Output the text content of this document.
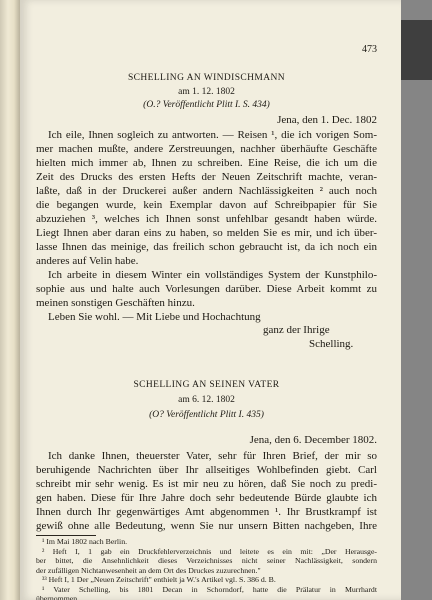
473
SCHELLING AN WINDISCHMANN
am 1. 12. 1802
(O.? Veröffentlicht Plitt I. S. 434)
Jena, den 1. Dec. 1802
Ich eile, Ihnen sogleich zu antworten. — Reisen ¹, die ich vorigen Som-
mer machen mußte, andere Zerstreuungen, nachher überhäufte Geschäfte
hielten mich immer ab, Ihnen zu schreiben. Eine Reise, die ich um die
Zeit des Drucks des ersten Hefts der Neuen Zeitschrift machte, veran-
laßte, daß in der Druckerei außer andern Nachlässigkeiten ² auch noch
die begangen wurde, kein Exemplar davon auf Schreibpapier für Sie
abzuziehen ³, welches ich Ihnen sonst unfehlbar gesandt haben würde.
Liegt Ihnen aber daran eins zu haben, so melden Sie es mir, und ich über-
lasse Ihnen das meinige, das freilich schon gebraucht ist, da ich noch ein
anderes auf Velin habe.
Ich arbeite in diesem Winter ein vollständiges System der Kunstphilo-
sophie aus und halte auch Vorlesungen darüber. Diese Arbeit kommt zu
meinen sonstigen Geschäften hinzu.
Leben Sie wohl. — Mit Liebe und Hochachtung
ganz der Ihrige
Schelling.
SCHELLING AN SEINEN VATER
am 6. 12. 1802
(O? Veröffentlicht Plitt I. 435)
Jena, den 6. December 1802.
Ich danke Ihnen, theuerster Vater, sehr für Ihren Brief, der mir so
beruhigende Nachrichten über Ihr allseitiges Wohlbefinden giebt. Carl
schreibt mir sehr wenig. Es ist mir neu zu hören, daß Sie noch zu predi-
gen haben. Diese für Ihre Jahre doch sehr bedeutende Bürde glaubte ich
Ihnen durch Ihr gegenwärtiges Amt abgenommen ¹. Ihr Brustkrampf ist
gewiß ohne alle Bedeutung, wenn Sie nur unsern Bitten nachgeben, Ihre
¹ Im Mai 1802 nach Berlin.
² Heft I, 1 gab ein Druckfehlerverzeichnis und leitete es ein mit: „Der Herausge-
ber bittet, die Ansehnlichkeit dieses Verzeichnisses nicht seiner Nachlässigkeit, sondern
der zufälligen Nichtanwesenheit an dem Ort des Druckes zuzurechnen."
³³ Heft I, 1 Der „Neuen Zeitschrift" enthielt ja W.'s Artikel vgl. S. 386 d. B.
¹ Vater Schelling, bis 1801 Decan in Schorndorf, hatte die Prälatur in Murrhardt
übernommen.
